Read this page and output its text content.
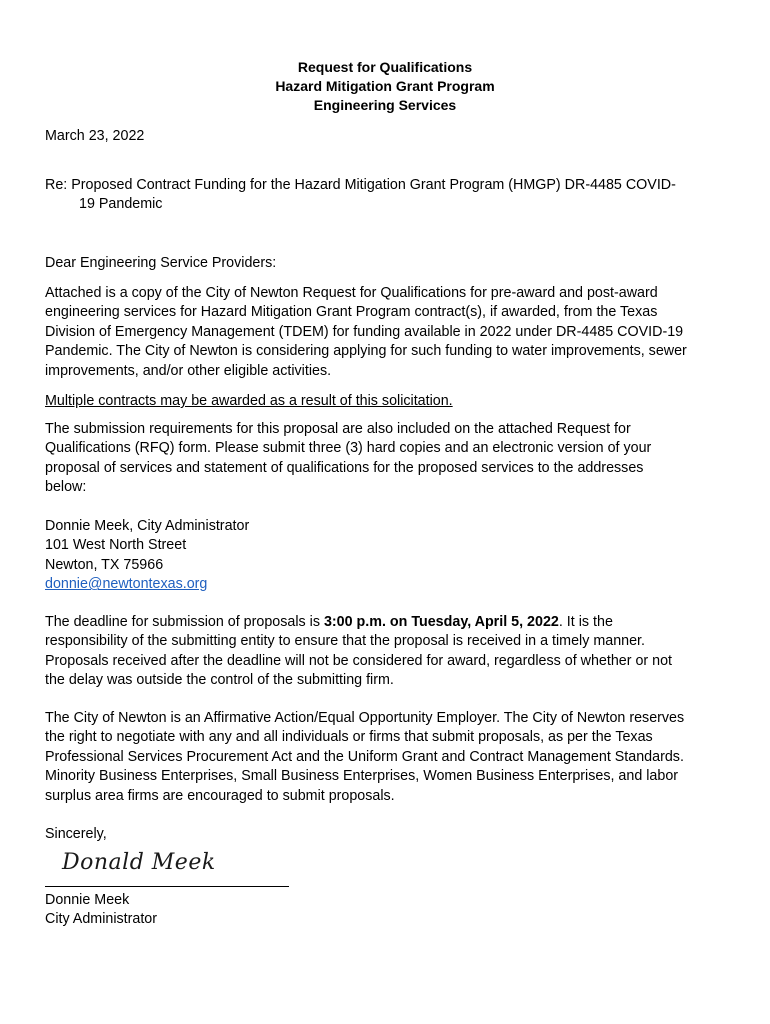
Request for Qualifications
Hazard Mitigation Grant Program
Engineering Services
March 23, 2022
Re: Proposed Contract Funding for the Hazard Mitigation Grant Program (HMGP) DR-4485 COVID-
19 Pandemic
Dear Engineering Service Providers:
Attached is a copy of the City of Newton Request for Qualifications for pre-award and post-award
engineering services for Hazard Mitigation Grant Program contract(s), if awarded, from the Texas
Division of Emergency Management (TDEM) for funding available in 2022 under DR-4485 COVID-19
Pandemic. The City of Newton is considering applying for such funding to water improvements, sewer
improvements, and/or other eligible activities.
Multiple contracts may be awarded as a result of this solicitation.
The submission requirements for this proposal are also included on the attached Request for
Qualifications (RFQ) form. Please submit three (3) hard copies and an electronic version of your
proposal of services and statement of qualifications for the proposed services to the addresses
below:
Donnie Meek, City Administrator
101 West North Street
Newton, TX 75966
donnie@newtontexas.org
The deadline for submission of proposals is 3:00 p.m. on Tuesday, April 5, 2022. It is the
responsibility of the submitting entity to ensure that the proposal is received in a timely manner.
Proposals received after the deadline will not be considered for award, regardless of whether or not
the delay was outside the control of the submitting firm.
The City of Newton is an Affirmative Action/Equal Opportunity Employer. The City of Newton reserves
the right to negotiate with any and all individuals or firms that submit proposals, as per the Texas
Professional Services Procurement Act and the Uniform Grant and Contract Management Standards.
Minority Business Enterprises, Small Business Enterprises, Women Business Enterprises, and labor
surplus area firms are encouraged to submit proposals.
Sincerely,
Donald Meek
Donnie Meek
City Administrator
